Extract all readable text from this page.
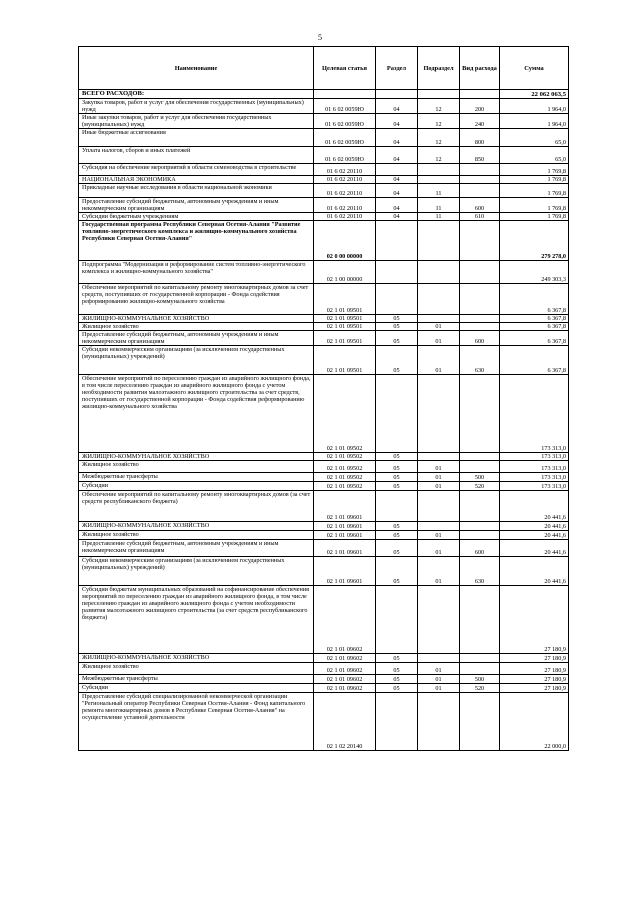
5
Наименование	Целевая статья	Раздел	Подраздел	Вид расхода	Сумма
ВСЕГО РАСХОДОВ:					22 062 063,5
Закупка товаров, работ и услуг для обеспечения государственных (муниципальных) нужд	01 6 02 0059Ю	04	12	200	1 964,0
Иные закупки товаров, работ и услуг для обеспечения государственных (муниципальных) нужд	01 6 02 0059Ю	04	12	240	1 964,0
Иные бюджетные ассигнования	01 6 02 0059Ю	04	12	800	65,0
Уплата налогов, сборов и иных платежей	01 6 02 0059Ю	04	12	850	65,0
Субсидия на обеспечение мероприятий в области семеноводства в строительстве	01 6 02 20110				1 769,8
НАЦИОНАЛЬНАЯ ЭКОНОМИКА	01 6 02 20110	04			1 769,8
Прикладные научные исследования в области национальной экономики	01 6 02 20110	04	11		1 769,8
Предоставление субсидий бюджетным, автономным учреждениям и иным некоммерческим организациям	01 6 02 20110	04	11	600	1 769,8
Субсидии бюджетным учреждениям	01 6 02 20110	04	11	610	1 769,8
Государственная программа Республики Северная Осетия-Алания "Развитие топливно-энергетического комплекса и жилищно-коммунального хозяйства Республики Северная Осетия-Алания"	02 0 00 00000				279 278,0
Подпрограмма "Модернизация и реформирование систем топливно-энергетического комплекса и жилищно-коммунального хозяйства"	02 1 00 00000				249 303,3
Обеспечение мероприятий по капитальному ремонту многоквартирных домов за счет средств, поступивших от государственной корпорации - Фонда содействия реформированию жилищно-коммунального хозяйства	02 1 01 09501				6 367,8
ЖИЛИЩНО-КОММУНАЛЬНОЕ ХОЗЯЙСТВО	02 1 01 09501	05			6 367,8
Жилищное хозяйство	02 1 01 09501	05	01		6 367,8
Предоставление субсидий бюджетным, автономным учреждениям и иным некоммерческим организациям	02 1 01 09501	05	01	600	6 367,8
Субсидии некоммерческим организациям (за исключением государственных (муниципальных) учреждений)	02 1 01 09501	05	01	630	6 367,8
Обеспечение мероприятий по переселению граждан из аварийного жилищного фонда, в том числе переселению граждан из аварийного жилищного фонда с учетом необходимости развития малоэтажного жилищного строительства за счет средств, поступивших от государственной корпорации - Фонда содействия реформированию жилищно-коммунального хозяйства	02 1 01 09502				173 313,0
ЖИЛИЩНО-КОММУНАЛЬНОЕ ХОЗЯЙСТВО	02 1 01 09502	05			173 313,0
Жилищное хозяйство	02 1 01 09502	05	01		173 313,0
Межбюджетные трансферты	02 1 01 09502	05	01	500	173 313,0
Субсидии	02 1 01 09502	05	01	520	173 313,0
Обеспечение мероприятий по капитальному ремонту многоквартирных домов (за счет средств республиканского бюджета)	02 1 01 09601				20 441,6
ЖИЛИЩНО-КОММУНАЛЬНОЕ ХОЗЯЙСТВО	02 1 01 09601	05			20 441,6
Жилищное хозяйство	02 1 01 09601	05	01		20 441,6
Предоставление субсидий бюджетным, автономным учреждениям и иным некоммерческим организациям	02 1 01 09601	05	01	600	20 441,6
Субсидии некоммерческим организациям (за исключением государственных (муниципальных) учреждений)	02 1 01 09601	05	01	630	20 441,6
Субсидии бюджетам муниципальных образований на софинансирование обеспечения мероприятий по переселению граждан из аварийного жилищного фонда, в том числе переселению граждан из аварийного жилищного фонда с учетом необходимости развития малоэтажного жилищного строительства (за счет средств республиканского бюджета)	02 1 01 09602				27 180,9
ЖИЛИЩНО-КОММУНАЛЬНОЕ ХОЗЯЙСТВО	02 1 01 09602	05			27 180,9
Жилищное хозяйство	02 1 01 09602	05	01		27 180,9
Межбюджетные трансферты	02 1 01 09602	05	01	500	27 180,9
Субсидии	02 1 01 09602	05	01	520	27 180,9
Предоставление субсидий специализированной некоммерческой организации "Региональный оператор Республики Северная Осетия-Алания - Фонд капитального ремонта многоквартирных домов в Республике Северная Осетия-Алания" на осуществление уставной деятельности	02 1 02 20140				22 000,0
